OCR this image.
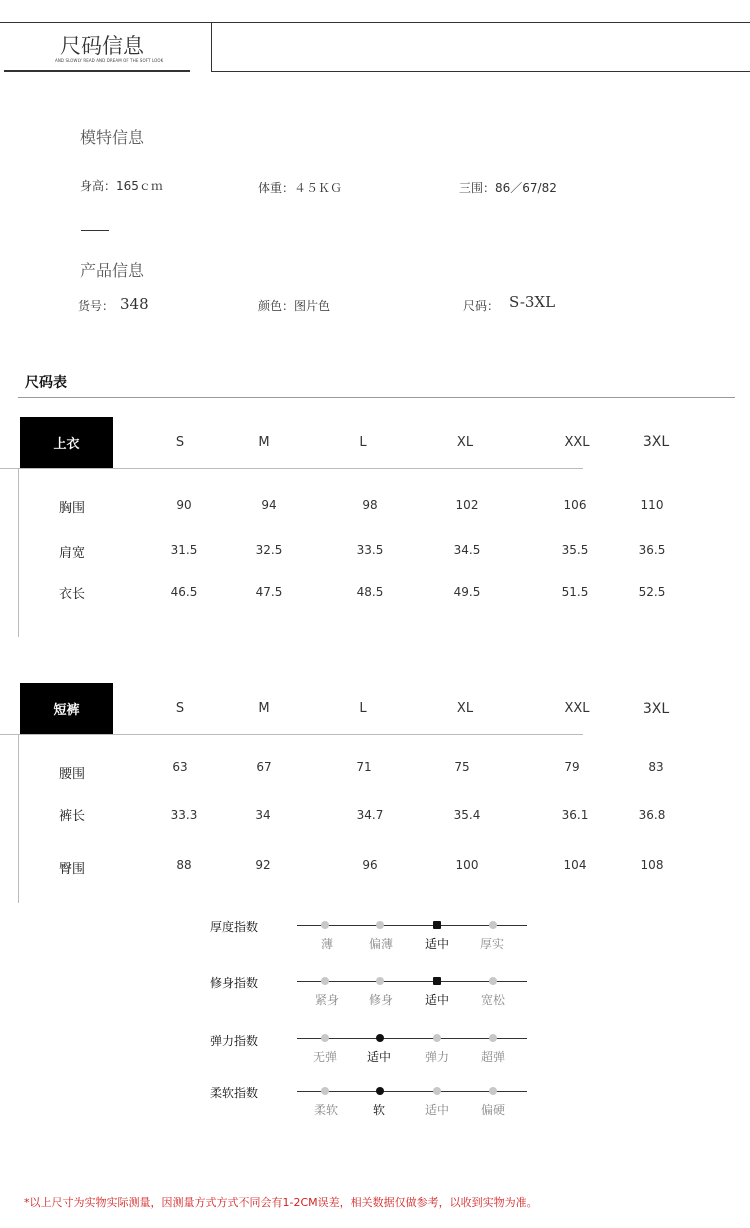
尺码信息
AND SLOWLY READ AND DREAM OF THE SOFT LOOK
模特信息
身高：165ｃｍ	体重：４５ＫＧ	三围：86／67/82
产品信息
货号： 348	颜色：图片色	尺码： S-3XL
尺码表
上衣	S	M	L	XL	XXL	3XL
胸围	90	94	98	102	106	110
肩宽	31.5	32.5	33.5	34.5	35.5	36.5
衣长	46.5	47.5	48.5	49.5	51.5	52.5
短裤	S	M	L	XL	XXL	3XL
腰围	63	67	71	75	79	83
裤长	33.3	34	34.7	35.4	36.1	36.8
臀围	88	92	96	100	104	108
厚度指数
薄	偏薄	适中	厚实
修身指数
紧身 修身	适中	宽松
弹力指数
无弹 适中	弹力	超弹
柔软指数
柔软	软	适中	偏硬
*以上尺寸为实物实际测量，因测量方式方式不同会有1-2CM误差，相关数据仅做参考，以收到实物为准。
